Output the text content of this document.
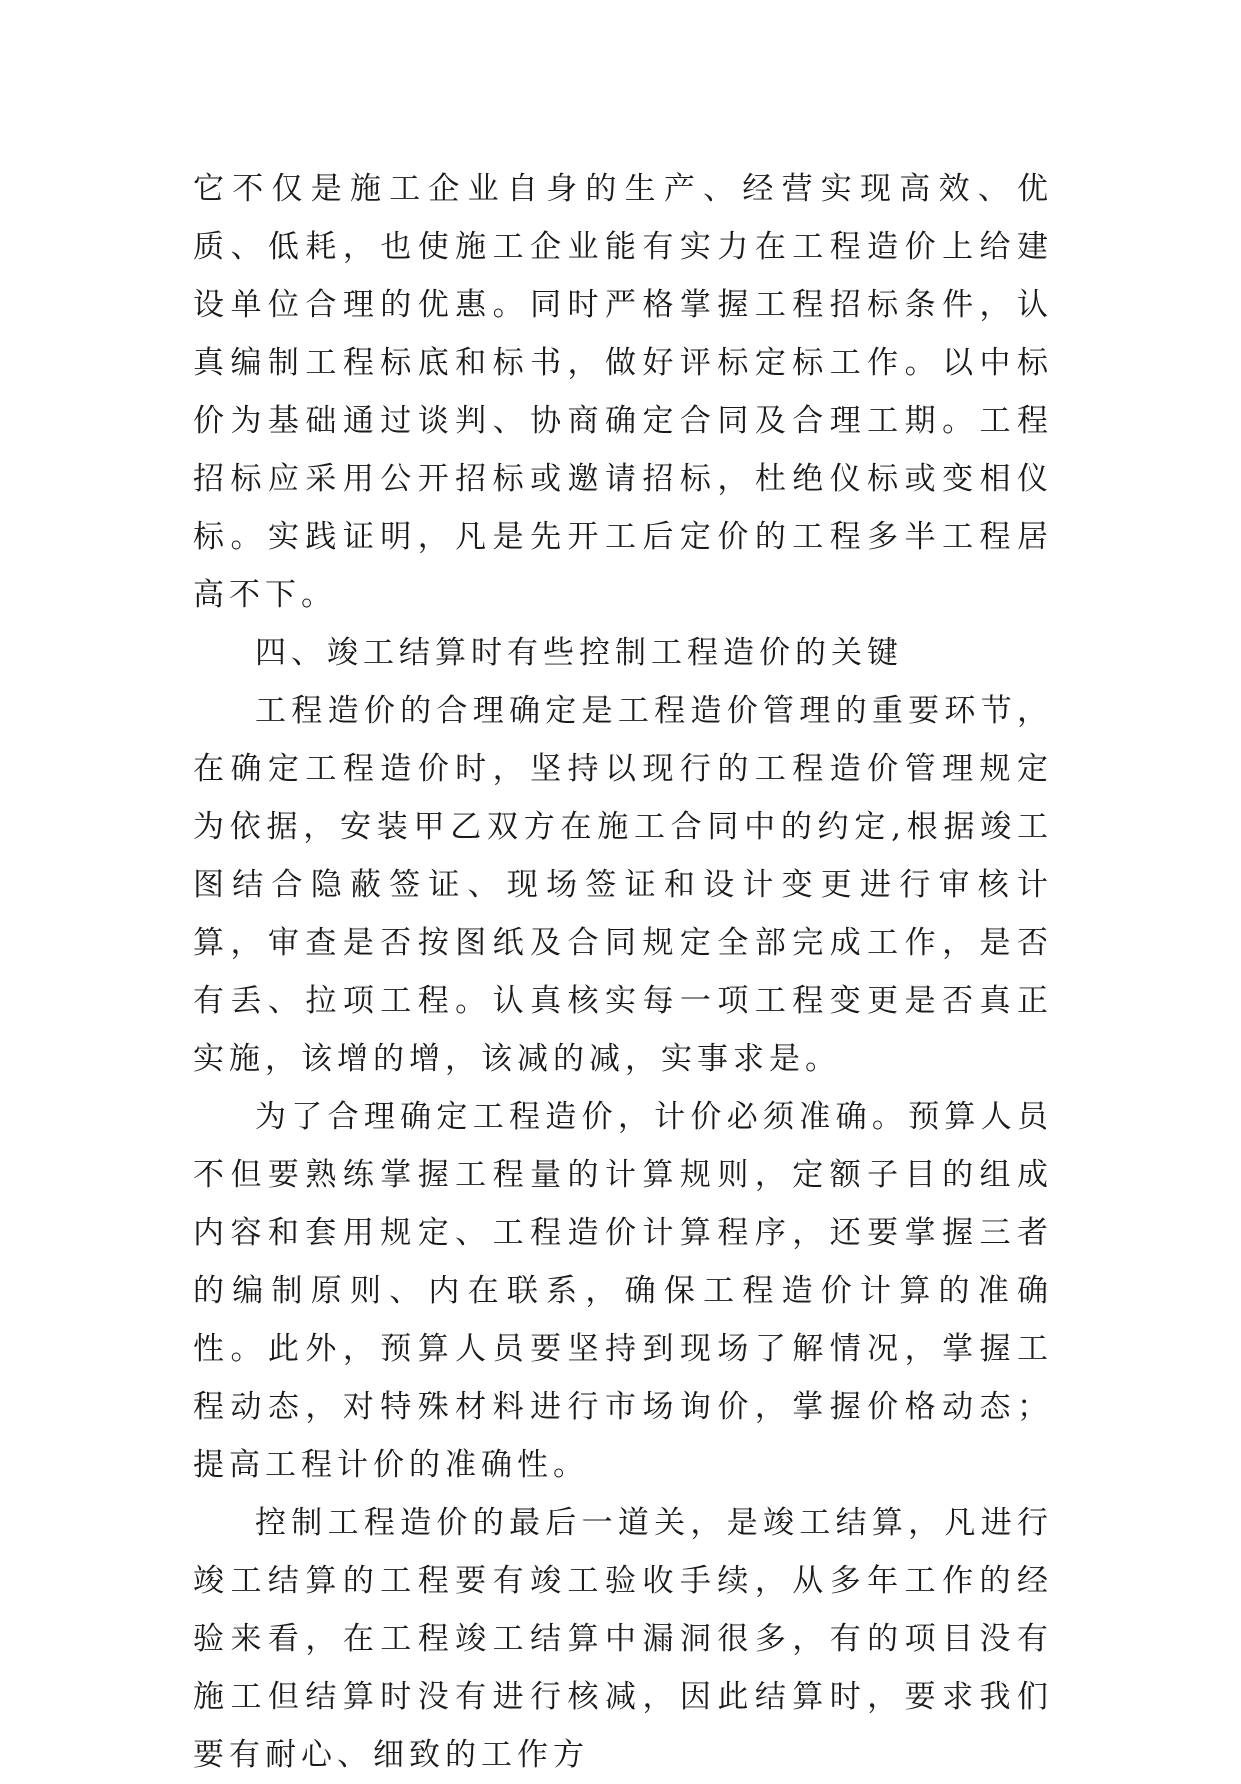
它不仅是施工企业自身的生产、经营实现高效、优质、低耗，也使施工企业能有实力在工程造价上给建设单位合理的优惠。同时严格掌握工程招标条件，认真编制工程标底和标书，做好评标定标工作。以中标价为基础通过谈判、协商确定合同及合理工期。工程招标应采用公开招标或邀请招标，杜绝仪标或变相仪标。实践证明，凡是先开工后定价的工程多半工程居高不下。

四、竣工结算时有些控制工程造价的关键

工程造价的合理确定是工程造价管理的重要环节，在确定工程造价时，坚持以现行的工程造价管理规定为依据，安装甲乙双方在施工合同中的约定,根据竣工图结合隐蔽签证、现场签证和设计变更进行审核计算，审查是否按图纸及合同规定全部完成工作，是否有丢、拉项工程。认真核实每一项工程变更是否真正实施，该增的增，该减的减，实事求是。

为了合理确定工程造价，计价必须准确。预算人员不但要熟练掌握工程量的计算规则，定额子目的组成内容和套用规定、工程造价计算程序，还要掌握三者的编制原则、内在联系，确保工程造价计算的准确性。此外，预算人员要坚持到现场了解情况，掌握工程动态，对特殊材料进行市场询价，掌握价格动态；提高工程计价的准确性。

控制工程造价的最后一道关，是竣工结算，凡进行竣工结算的工程要有竣工验收手续，从多年工作的经验来看，在工程竣工结算中漏洞很多，有的项目没有施工但结算时没有进行核减，因此结算时，要求我们要有耐心、细致的工作方
